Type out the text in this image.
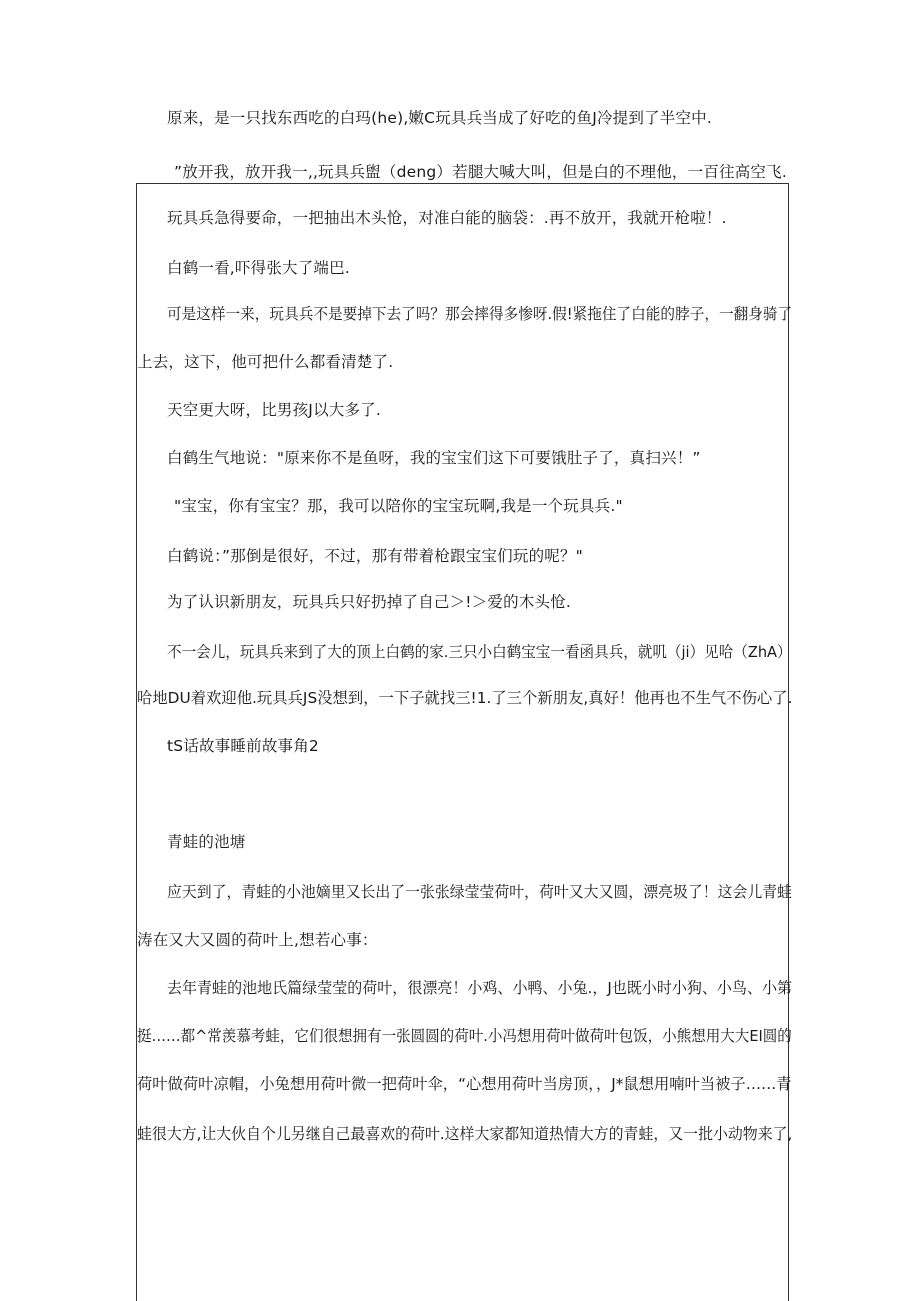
原来，是一只找东西吃的白玛(he),嫩C玩具兵当成了好吃的鱼J冷提到了半空中.
”放开我，放开我一,,玩具兵盥（deng）若腿大喊大叫，但是白的不理他，一百往高空飞.
玩具兵急得要命，一把抽出木头怆，对准白能的脑袋：.再不放开，我就开枪啦！.
白鹤一看,吓得张大了端巴.
可是这样一来，玩具兵不是要掉下去了吗？那会摔得多惨呀.假!紧拖住了白能的脖子，一翻身骑了
上去，这下，他可把什么都看清楚了.
天空更大呀，比男孩J以大多了.
白鹤生气地说："原来你不是鱼呀，我的宝宝们这下可要饿肚子了，真扫兴！”
"宝宝，你有宝宝？那，我可以陪你的宝宝玩啊,我是一个玩具兵."
白鹤说：”那倒是很好，不过，那有带着枪跟宝宝们玩的呢？"
为了认识新朋友，玩具兵只好扔掉了自己＞!＞爱的木头怆.
不一会儿，玩具兵来到了大的顶上白鹤的家.三只小白鹤宝宝一看函具兵，就叽（ji）见哈（ZhA）
哈地DU着欢迎他.玩具兵JS没想到，一下子就找三!1.了三个新朋友,真好！他再也不生气不伤心了.
tS话故事睡前故事角2
青蛙的池塘
应天到了，青蛙的小池嫡里又长出了一张张绿莹莹荷叶，荷叶又大又圆，漂亮圾了！这会儿青蛙
涛在又大又圆的荷叶上,想若心事：
去年青蛙的池地氏篇绿莹莹的荷叶，很漂亮！小鸡、小鸭、小兔.，J也既小时小狗、小鸟、小第
挺……都^常羡慕考蛙，它们很想拥有一张圆圆的荷叶.小冯想用荷叶做荷叶包饭，小熊想用大大EI圆的
荷叶做荷叶凉帽，小兔想用荷叶微一把荷叶伞，“心想用荷叶当房顶，，J*鼠想用喃叶当被子……青
蛙很大方,让大伙自个儿另继自己最喜欢的荷叶.这样大家都知道热情大方的青蛙，又一批小动物来了,
